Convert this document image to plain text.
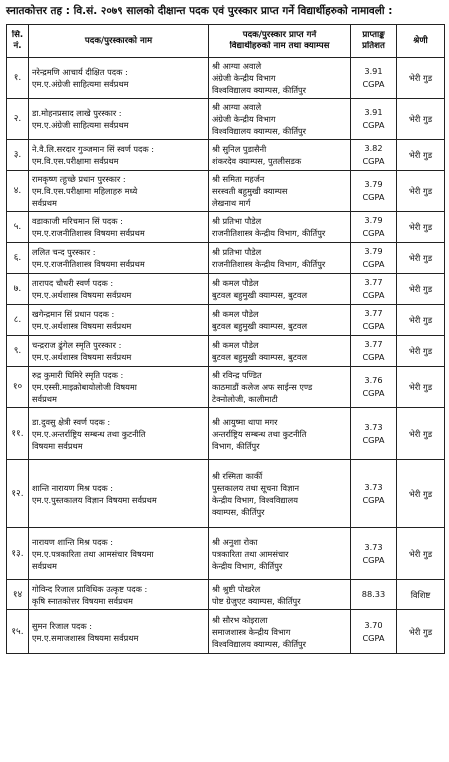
स्नातकोत्तर तह : वि.सं. २०७९ सालको दीक्षान्त पदक एवं पुरस्कार प्राप्त गर्ने विद्यार्थीहरुको नामावली :
सि.
नं.	पदक/पुरस्कारको नाम	पदक/पुरस्कार प्राप्त गर्ने
विद्यार्थीहरुको नाम तथा क्याम्पस	प्राप्ताङ्क
प्रतिशत	श्रेणी
१.	नरेन्द्रमणि आचार्य दीक्षित पदक :
एम.ए.अंग्रेजी साहित्यमा सर्वप्रथम	श्री आग्या अवाले
अंग्रेजी केन्द्रीय विभाग
विश्वविद्यालय क्याम्पस, कीर्तिपुर	3.91
CGPA	भेरी गुड
२.	डा.मोहनप्रसाद लाखे पुरस्कार :
एम.ए.अंग्रेजी साहित्यमा सर्वप्रथम	श्री आग्या अवाले
अंग्रेजी केन्द्रीय विभाग
विश्वविद्यालय क्याम्पस, कीर्तिपुर	3.91
CGPA	भेरी गुड
३.	ने.वै.लि.सरदार गुञ्जमान सिं स्वर्ण पदक :
एम.वि.एस.परीक्षामा सर्वप्रथम	श्री सुनिल पुडासैनी
शंकरदेव क्याम्पस, पुतलीसडक	3.82
CGPA	भेरी गुड
४.	रामकृष्ण त्हुच्छे प्रधान पुरस्कार :
एम.वि.एस.परीक्षामा महिलाहरु मध्ये
सर्वप्रथम	श्री समिता महर्जन
सरस्वती बहुमुखी क्याम्पस
लेखनाथ मार्ग	3.79
CGPA	भेरी गुड
५.	वडाकाजी मरिचमान सिं पदक :
एम.ए.राजनीतिशास्त्र विषयमा सर्वप्रथम	श्री प्रतिभा पौडेल
राजनीतिशास्त्र केन्द्रीय विभाग, कीर्तिपुर	3.79
CGPA	भेरी गुड
६.	ललित चन्द पुरस्कार :
एम.ए.राजनीतिशास्त्र विषयमा सर्वप्रथम	श्री प्रतिभा पौडेल
राजनीतिशास्त्र केन्द्रीय विभाग, कीर्तिपुर	3.79
CGPA	भेरी गुड
७.	तारापद चौधरी स्वर्ण पदक :
एम.ए.अर्थशास्त्र विषयमा सर्वप्रथम	श्री कमल पौडेल
बुटवल बहुमुखी क्याम्पस, बुटवल	3.77
CGPA	भेरी गुड
८.	खगेन्द्रमान सिं प्रधान पदक :
एम.ए.अर्थशास्त्र विषयमा सर्वप्रथम	श्री कमल पौडेल
बुटवल बहुमुखी क्याम्पस, बुटवल	3.77
CGPA	भेरी गुड
९.	चन्द्रराज ढुंगेल स्मृति पुरस्कार :
एम.ए.अर्थशास्त्र विषयमा सर्वप्रथम	श्री कमल पौडेल
बुटवल बहुमुखी क्याम्पस, बुटवल	3.77
CGPA	भेरी गुड
१०	रुद्र कुमारी घिमिरे स्मृति पदक :
एम.एस्सी.माइक्रोबायोलोजी विषयमा
सर्वप्रथम	श्री रविन्द्र पण्डित
काठमाडौं कलेज अफ साईन्स एण्ड
टेक्नोलोजी, कालीमाटी	3.76
CGPA	भेरी गुड
११.	डा.दुवसु क्षेत्री स्वर्ण पदक :
एम.ए.अन्तर्राष्ट्रिय सम्बन्ध तथा कुटनीति
विषयमा सर्वप्रथम	श्री आयुष्मा थापा मगर
अन्तर्राष्ट्रिय सम्बन्ध तथा कुटनीति
विभाग, कीर्तिपुर	3.73
CGPA	भेरी गुड
१२.	शान्ति नारायण मिश्र पदक :
एम.ए.पुस्तकालय विज्ञान विषयमा सर्वप्रथम	श्री रस्मिता कार्की
पुस्तकालय तथा सूचना विज्ञान
केन्द्रीय विभाग, विश्वविद्यालय
क्याम्पस, कीर्तिपुर	3.73
CGPA	भेरी गुड
१३.	नारायण शान्ति मिश्र पदक :
एम.ए.पत्रकारिता तथा आमसंचार विषयमा
सर्वप्रथम	श्री अनुशा रोका
पत्रकारिता तथा आमसंचार
केन्द्रीय विभाग, कीर्तिपुर	3.73
CGPA	भेरी गुड
१४	गोविन्द रिजाल प्राविधिक उत्कृष्ट पदक :
कृषि स्नातकोत्तर विषयमा सर्वप्रथम	श्री श्रुष्टी पोखरेल
पोष्ट ग्रेजुएट क्याम्पस, कीर्तिपुर	88.33	विशिष्ट
१५.	सुमन रिजाल पदक :
एम.ए.समाजशास्त्र विषयमा सर्वप्रथम	श्री सौरभ कोइराला
समाजशास्त्र केन्द्रीय विभाग
विश्वविद्यालय क्याम्पस, कीर्तिपुर	3.70
CGPA	भेरी गुड
